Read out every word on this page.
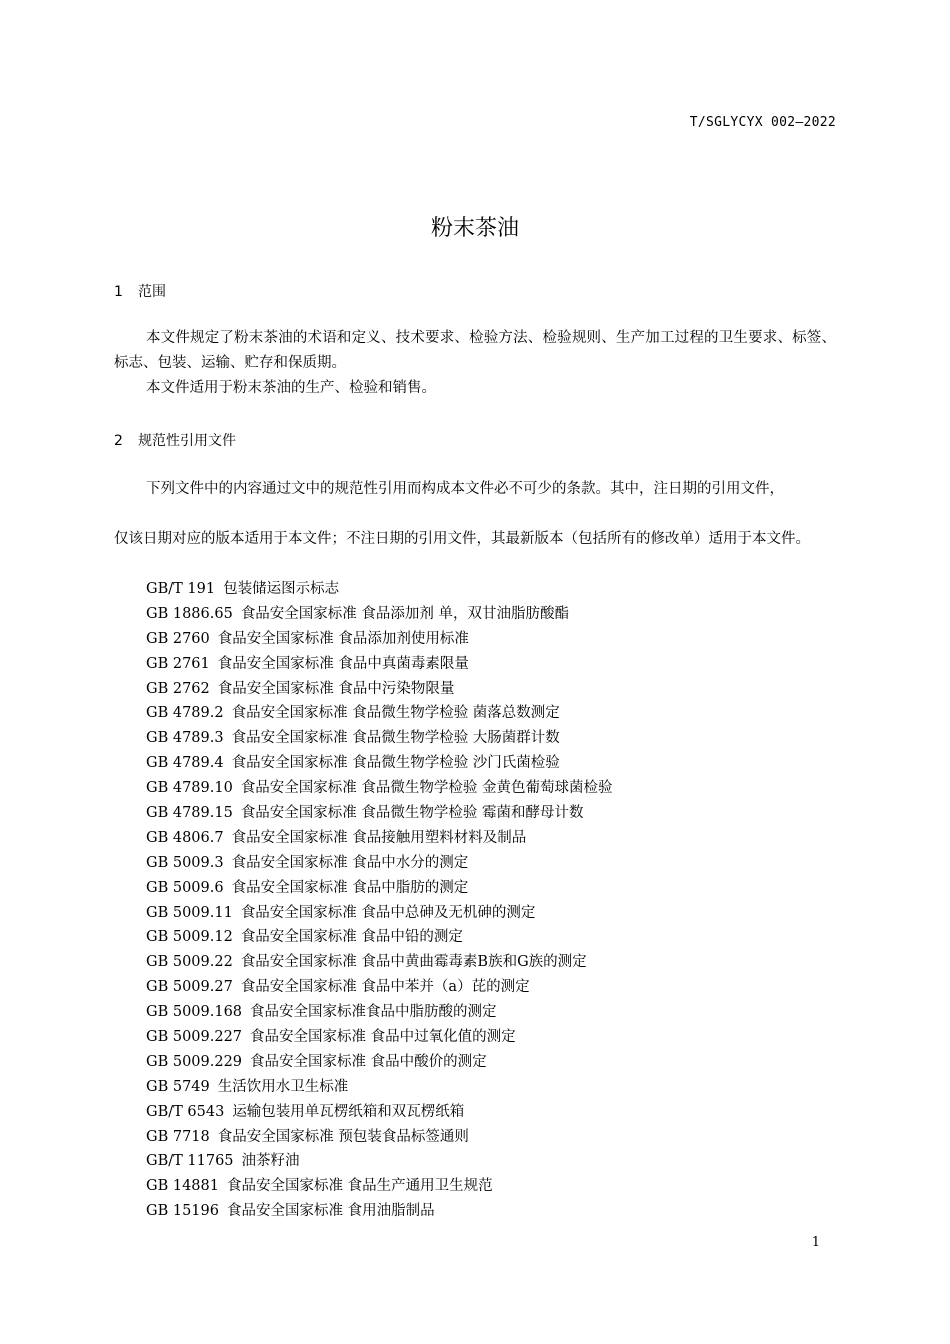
T/SGLYCYX 002—2022
粉末茶油
1 范围
本文件规定了粉末茶油的术语和定义、技术要求、检验方法、检验规则、生产加工过程的卫生要求、标签、标志、包装、运输、贮存和保质期。
本文件适用于粉末茶油的生产、检验和销售。
2 规范性引用文件
下列文件中的内容通过文中的规范性引用而构成本文件必不可少的条款。其中，注日期的引用文件，
仅该日期对应的版本适用于本文件；不注日期的引用文件，其最新版本（包括所有的修改单）适用于本文件。
GB/T 191 包装储运图示标志
GB 1886.65 食品安全国家标准 食品添加剂 单，双甘油脂肪酸酯
GB 2760 食品安全国家标准 食品添加剂使用标准
GB 2761 食品安全国家标准 食品中真菌毒素限量
GB 2762 食品安全国家标准 食品中污染物限量
GB 4789.2 食品安全国家标准 食品微生物学检验 菌落总数测定
GB 4789.3 食品安全国家标准 食品微生物学检验 大肠菌群计数
GB 4789.4 食品安全国家标准 食品微生物学检验 沙门氏菌检验
GB 4789.10 食品安全国家标准 食品微生物学检验 金黄色葡萄球菌检验
GB 4789.15 食品安全国家标准 食品微生物学检验 霉菌和酵母计数
GB 4806.7 食品安全国家标准 食品接触用塑料材料及制品
GB 5009.3 食品安全国家标准 食品中水分的测定
GB 5009.6 食品安全国家标准 食品中脂肪的测定
GB 5009.11 食品安全国家标准 食品中总砷及无机砷的测定
GB 5009.12 食品安全国家标准 食品中铅的测定
GB 5009.22 食品安全国家标准 食品中黄曲霉毒素B族和G族的测定
GB 5009.27 食品安全国家标准 食品中苯并（a）芘的测定
GB 5009.168 食品安全国家标准食品中脂肪酸的测定
GB 5009.227 食品安全国家标准 食品中过氧化值的测定
GB 5009.229 食品安全国家标准 食品中酸价的测定
GB 5749 生活饮用水卫生标准
GB/T 6543 运输包装用单瓦楞纸箱和双瓦楞纸箱
GB 7718 食品安全国家标准 预包装食品标签通则
GB/T 11765 油茶籽油
GB 14881 食品安全国家标准 食品生产通用卫生规范
GB 15196 食品安全国家标准 食用油脂制品
1
